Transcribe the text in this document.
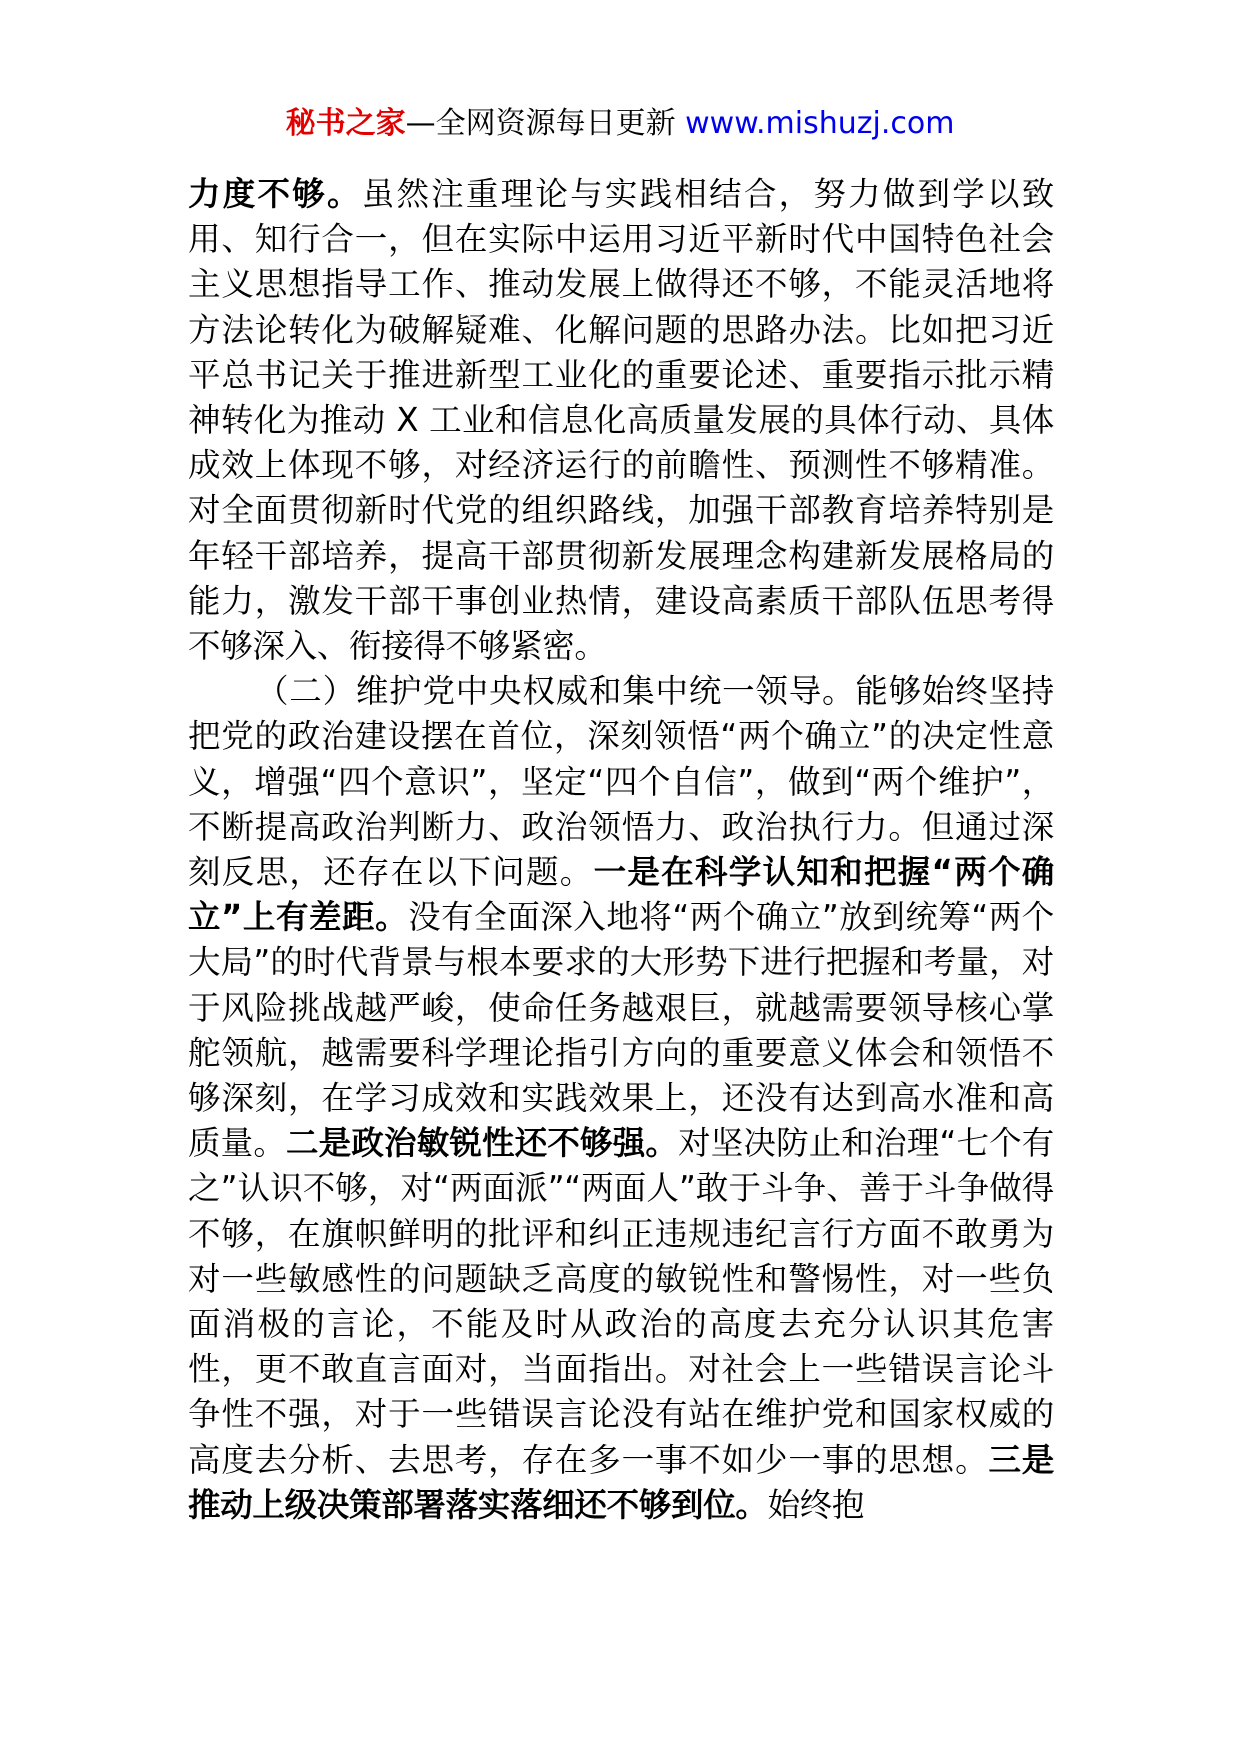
秘书之家—全网资源每日更新 www.mishuzj.com

力度不够。虽然注重理论与实践相结合，努力做到学以致用、知行合一，但在实际中运用习近平新时代中国特色社会主义思想指导工作、推动发展上做得还不够，不能灵活地将方法论转化为破解疑难、化解问题的思路办法。比如把习近平总书记关于推进新型工业化的重要论述、重要指示批示精神转化为推动 X 工业和信息化高质量发展的具体行动、具体成效上体现不够，对经济运行的前瞻性、预测性不够精准。对全面贯彻新时代党的组织路线，加强干部教育培养特别是年轻干部培养，提高干部贯彻新发展理念构建新发展格局的能力，激发干部干事创业热情，建设高素质干部队伍思考得不够深入、衔接得不够紧密。

（二）维护党中央权威和集中统一领导。能够始终坚持把党的政治建设摆在首位，深刻领悟“两个确立”的决定性意义，增强“四个意识”，坚定“四个自信”，做到“两个维护”，不断提高政治判断力、政治领悟力、政治执行力。但通过深刻反思，还存在以下问题。一是在科学认知和把握“两个确立”上有差距。没有全面深入地将“两个确立”放到统筹“两个大局”的时代背景与根本要求的大形势下进行把握和考量，对于风险挑战越严峻，使命任务越艰巨，就越需要领导核心掌舵领航，越需要科学理论指引方向的重要意义体会和领悟不够深刻，在学习成效和实践效果上，还没有达到高水准和高质量。二是政治敏锐性还不够强。对坚决防止和治理“七个有之”认识不够，对“两面派”“两面人”敢于斗争、善于斗争做得不够，在旗帜鲜明的批评和纠正违规违纪言行方面不敢勇为对一些敏感性的问题缺乏高度的敏锐性和警惕性，对一些负面消极的言论，不能及时从政治的高度去充分认识其危害性，更不敢直言面对，当面指出。对社会上一些错误言论斗争性不强，对于一些错误言论没有站在维护党和国家权威的高度去分析、去思考，存在多一事不如少一事的思想。三是推动上级决策部署落实落细还不够到位。始终抱
